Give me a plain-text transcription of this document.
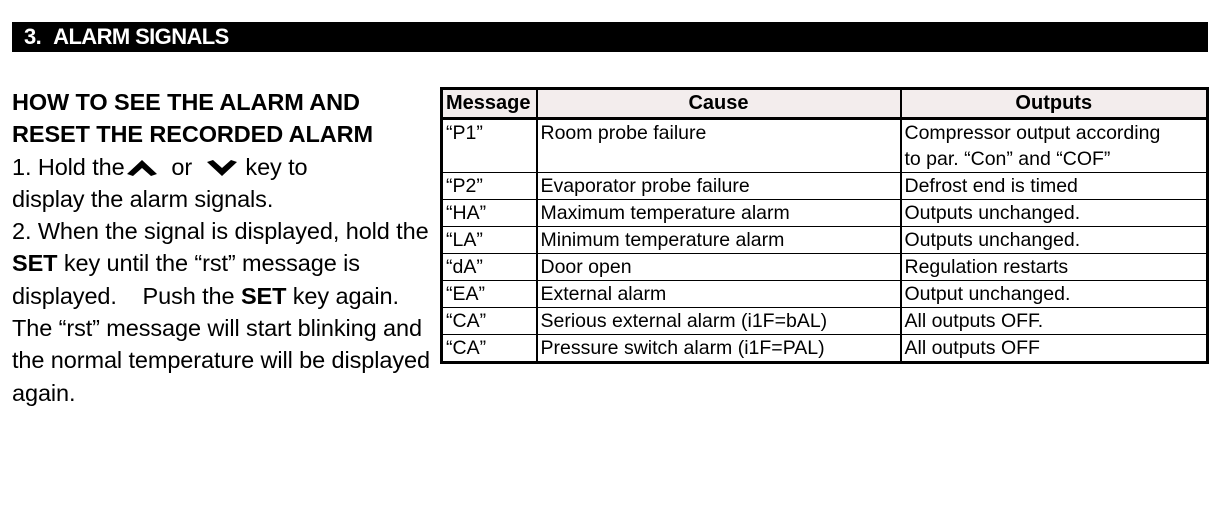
3. ALARM SIGNALS

HOW TO SEE THE ALARM AND

RESET THE RECORDED ALARM

1. Hold the or key to

display the alarm signals.

2. When the signal is displayed, hold the SET key until the “rst” message is displayed.    Push the SET key again.    The “rst” message will start blinking and the normal temperature will be displayed again.

Message	Cause	Outputs
“P1”	Room probe failure	Compressor output according
to par. “Con” and “COF”

“P2”	Evaporator probe failure	Defrost end is timed
“HA”	Maximum temperature alarm	Outputs unchanged.
“LA”	Minimum temperature alarm	Outputs unchanged.
“dA”	Door open	Regulation restarts
“EA”	External alarm	Output unchanged.
“CA”	Serious external alarm (i1F=bAL)	All outputs OFF.
“CA”	Pressure switch alarm (i1F=PAL)	All outputs OFF
